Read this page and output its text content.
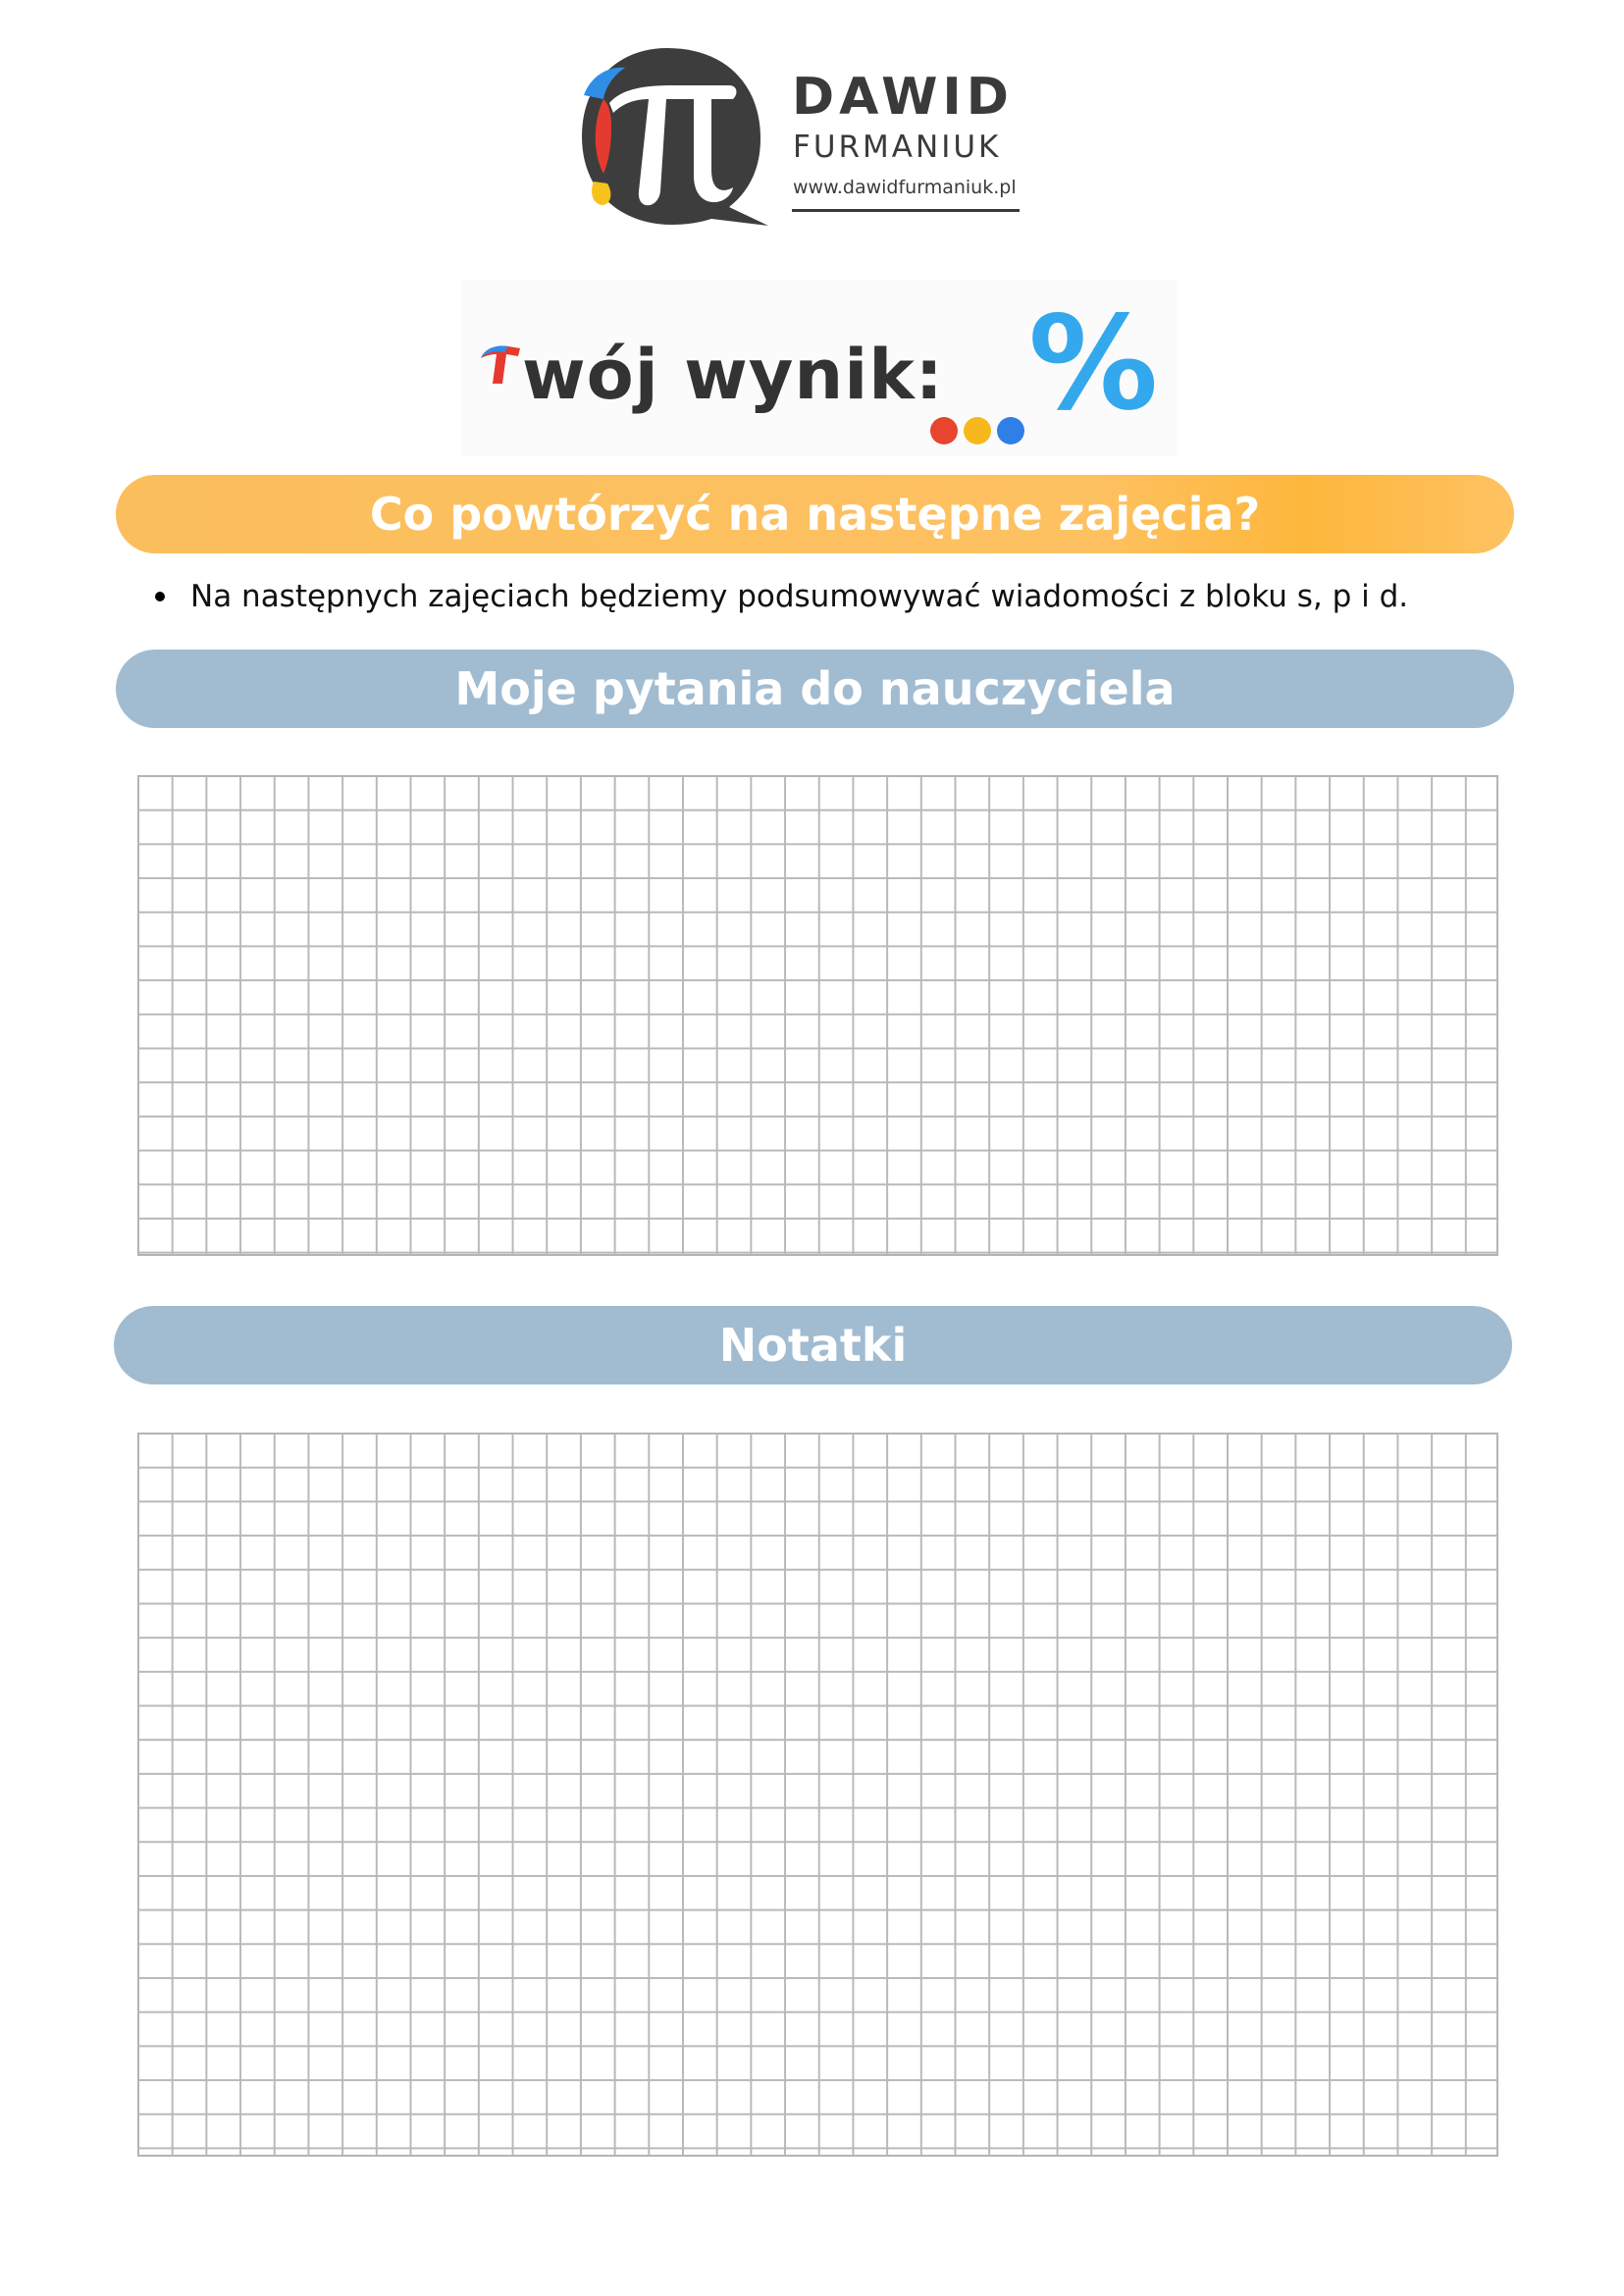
DAWID
FURMANIUK
www.dawidfurmaniuk.pl
wój wynik: %
Co powtórzyć na następne zajęcia?
Na następnych zajęciach będziemy podsumowywać wiadomości z bloku s, p i d.
Moje pytania do nauczyciela
Notatki
